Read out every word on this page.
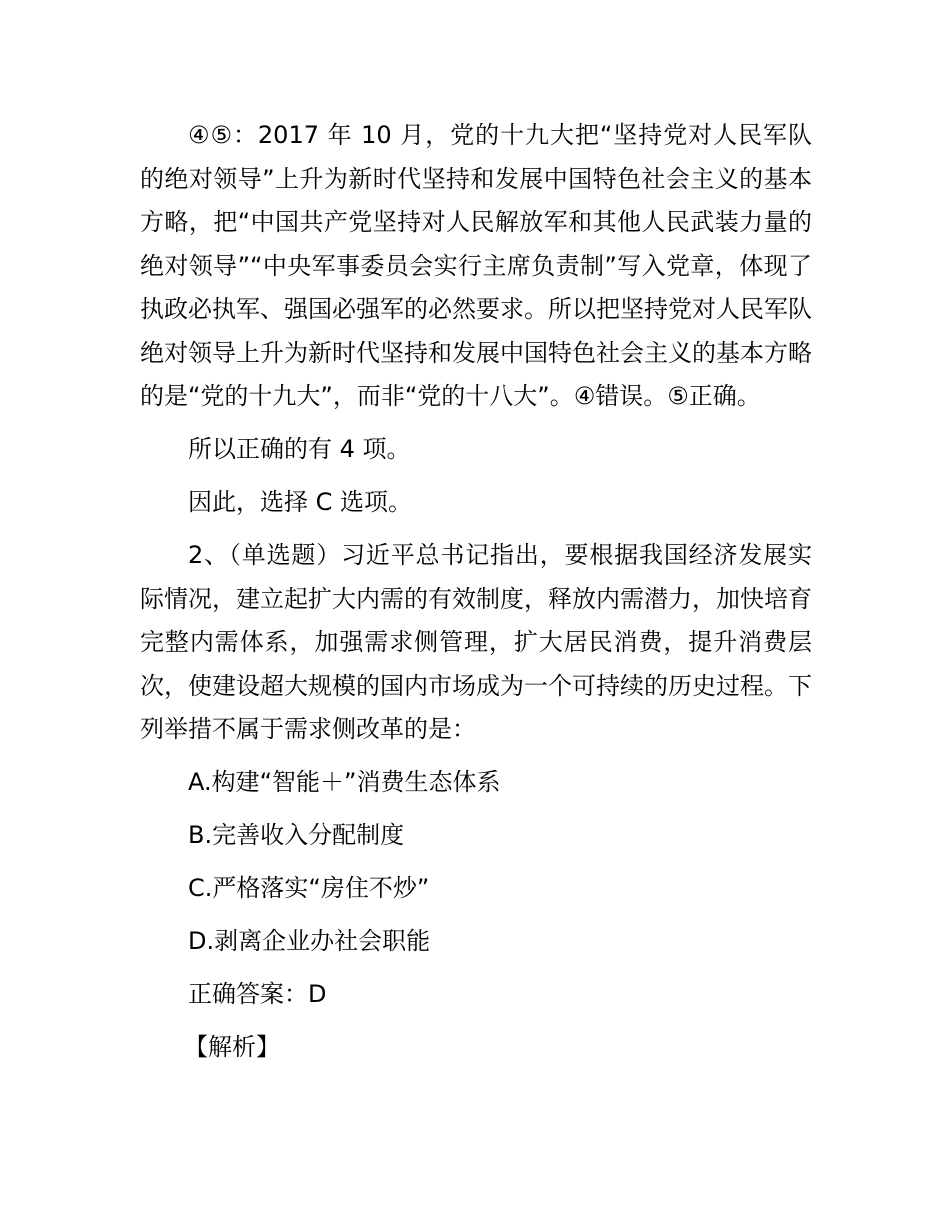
④⑤：2017 年 10 月，党的十九大把“坚持党对人民军队的绝对领导”上升为新时代坚持和发展中国特色社会主义的基本方略，把“中国共产党坚持对人民解放军和其他人民武装力量的绝对领导”“中央军事委员会实行主席负责制”写入党章，体现了执政必执军、强国必强军的必然要求。所以把坚持党对人民军队绝对领导上升为新时代坚持和发展中国特色社会主义的基本方略的是“党的十九大”，而非“党的十八大”。④错误。⑤正确。

所以正确的有 4 项。

因此，选择 C 选项。

2、（单选题）习近平总书记指出，要根据我国经济发展实际情况，建立起扩大内需的有效制度，释放内需潜力，加快培育完整内需体系，加强需求侧管理，扩大居民消费，提升消费层次，使建设超大规模的国内市场成为一个可持续的历史过程。下列举措不属于需求侧改革的是：

A.构建“智能＋”消费生态体系

B.完善收入分配制度

C.严格落实“房住不炒”

D.剥离企业办社会职能

正确答案：D

【解析】
